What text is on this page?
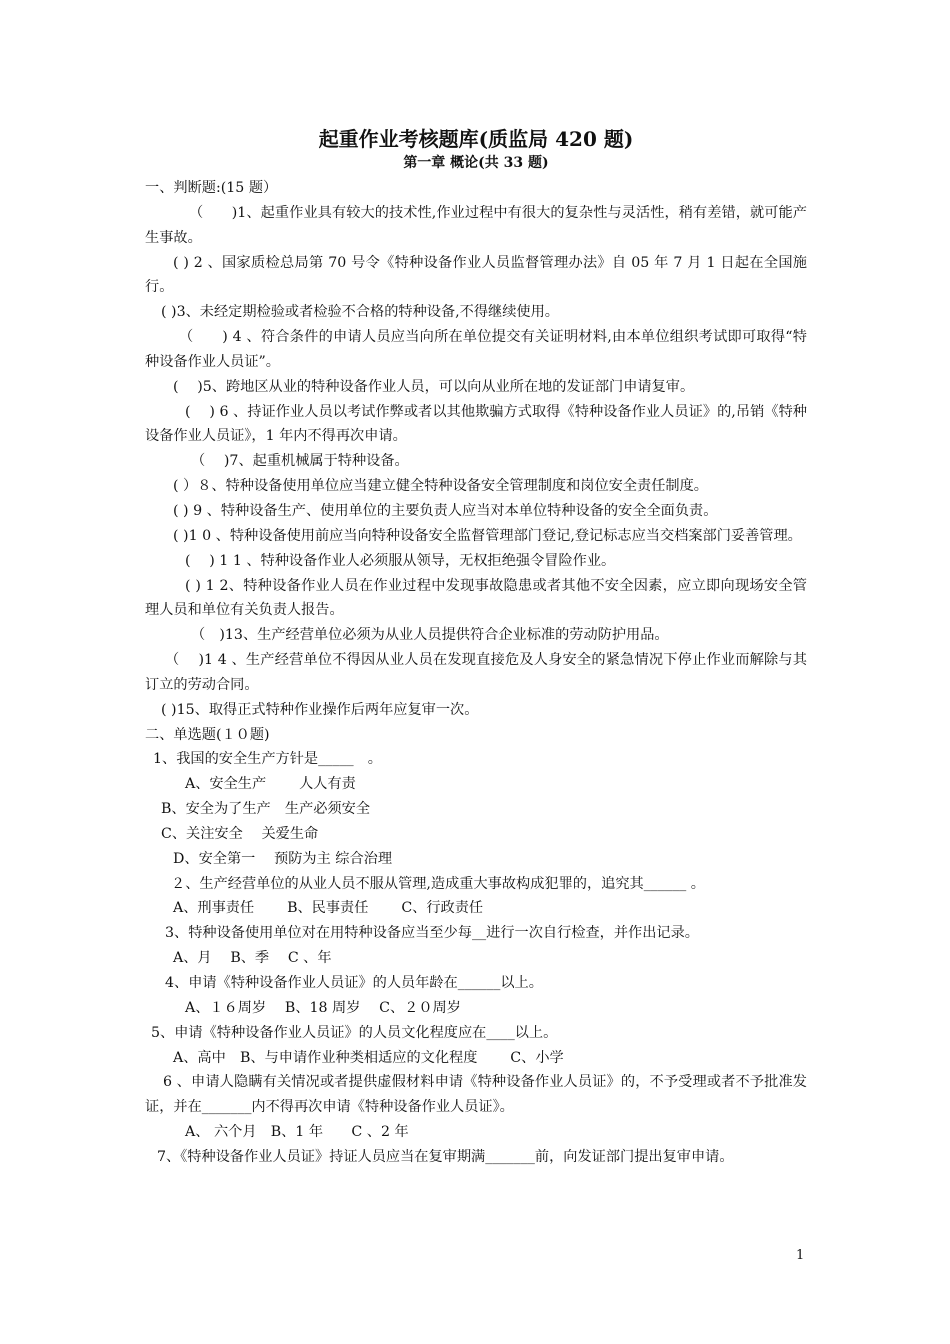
起重作业考核题库(质监局 420 题)
第一章 概论(共 33 题)

一、判断题:(15 题）

（　　)1、起重作业具有较大的技术性,作业过程中有很大的复杂性与灵活性，稍有差错，就可能产生事故。

( ) 2 、国家质检总局第 70 号令《特种设备作业人员监督管理办法》自 05 年 7 月 1 日起在全国施行。

( )3、未经定期检验或者检验不合格的特种设备,不得继续使用。

（　　) 4 、符合条件的申请人员应当向所在单位提交有关证明材料,由本单位组织考试即可取得“特种设备作业人员证”。

(　 )5、跨地区从业的特种设备作业人员，可以向从业所在地的发证部门申请复审。

(　 ) 6 、持证作业人员以考试作弊或者以其他欺骗方式取得《特种设备作业人员证》的,吊销《特种设备作业人员证》，1 年内不得再次申请。

（　 )7、起重机械属于特种设备。

( ）８、特种设备使用单位应当建立健全特种设备安全管理制度和岗位安全责任制度。

( ) 9 、特种设备生产、使用单位的主要负责人应当对本单位特种设备的安全全面负责。

( )1 0 、特种设备使用前应当向特种设备安全监督管理部门登记,登记标志应当交档案部门妥善管理。

(　 ) 1 1 、特种设备作业人必须服从领导，无权拒绝强令冒险作业。

( ) 1 2、特种设备作业人员在作业过程中发现事故隐患或者其他不安全因素，应立即向现场安全管理人员和单位有关负责人报告。

（　)13、生产经营单位必须为从业人员提供符合企业标准的劳动防护用品。

（　 )1 4 、生产经营单位不得因从业人员在发现直接危及人身安全的紧急情况下停止作业而解除与其订立的劳动合同。

( )15、取得正式特种作业操作后两年应复审一次。

二、单选题(１０题)

1、我国的安全生产方针是_____　。

A、安全生产　　 人人有责

B、安全为了生产　生产必须安全

C、关注安全　 关爱生命

D、安全第一　 预防为主 综合治理

２、生产经营单位的从业人员不服从管理,造成重大事故构成犯罪的，追究其______ 。

A、刑事责任　　 B、民事责任　　 C、行政责任

3、特种设备使用单位对在用特种设备应当至少每__进行一次自行检查，并作出记录。

A、月　 B、季　 C 、年

4、申请《特种设备作业人员证》的人员年龄在______以上。

A、１６周岁　 B、18 周岁　 C、２０周岁

5、申请《特种设备作业人员证》的人员文化程度应在____以上。

A、高中　B、与申请作业种类相适应的文化程度　　 C、小学

6 、申请人隐瞒有关情况或者提供虚假材料申请《特种设备作业人员证》的，不予受理或者不予批准发证，并在_______内不得再次申请《特种设备作业人员证》。

A、 六个月　B、1 年　　C 、2 年

7、《特种设备作业人员证》持证人员应当在复审期满_______前，向发证部门提出复审申请。

1
